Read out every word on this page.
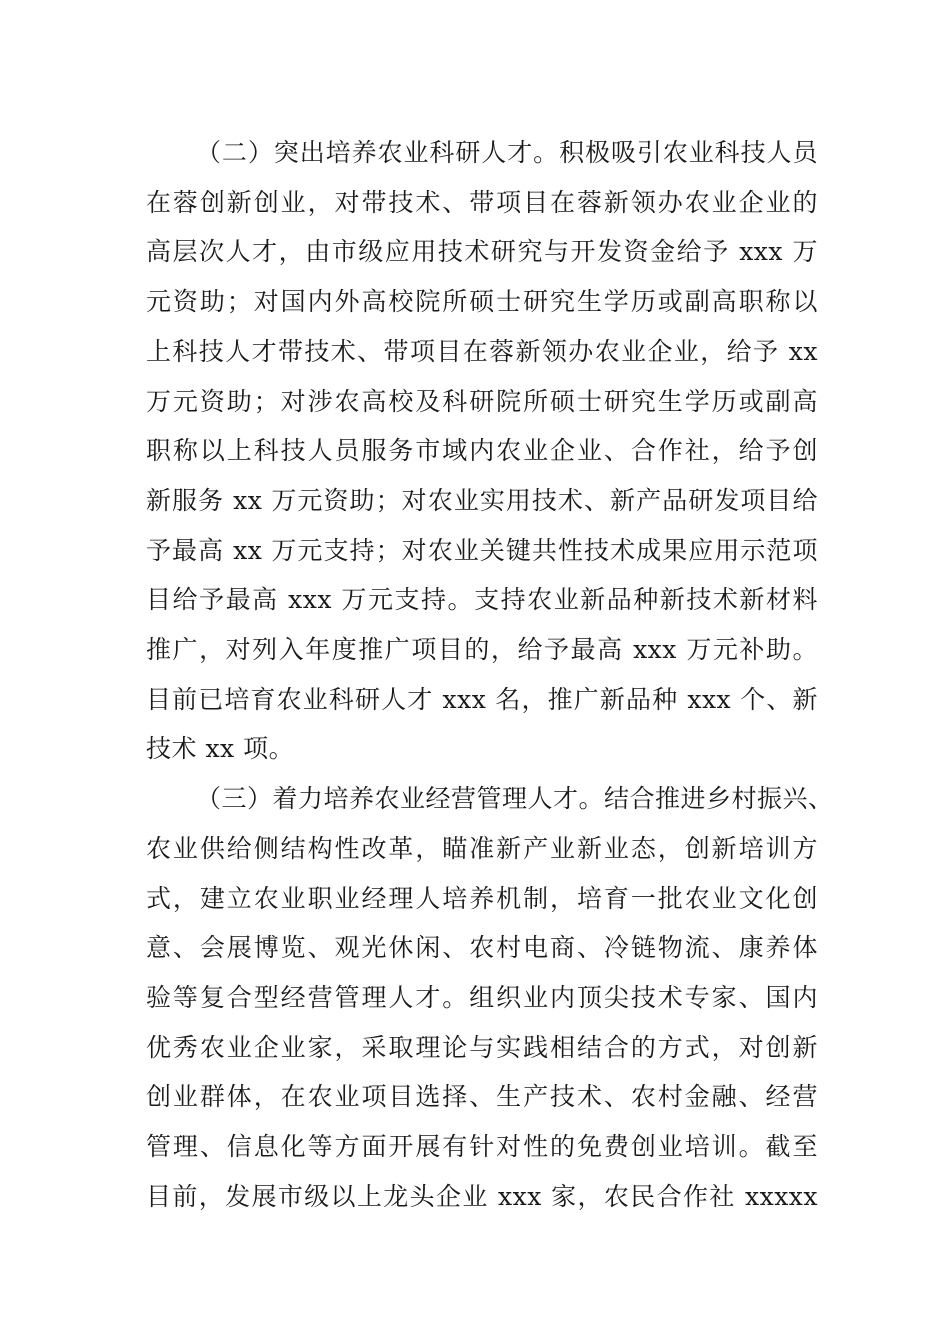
（二）突出培养农业科研人才。积极吸引农业科技人员
在蓉创新创业，对带技术、带项目在蓉新领办农业企业的
高层次人才，由市级应用技术研究与开发资金给予 xxx 万
元资助；对国内外高校院所硕士研究生学历或副高职称以
上科技人才带技术、带项目在蓉新领办农业企业，给予 xx
万元资助；对涉农高校及科研院所硕士研究生学历或副高
职称以上科技人员服务市域内农业企业、合作社，给予创
新服务 xx 万元资助；对农业实用技术、新产品研发项目给
予最高 xx 万元支持；对农业关键共性技术成果应用示范项
目给予最高 xxx 万元支持。支持农业新品种新技术新材料
推广，对列入年度推广项目的，给予最高 xxx 万元补助。
目前已培育农业科研人才 xxx 名，推广新品种 xxx 个、新
技术 xx 项。
（三）着力培养农业经营管理人才。结合推进乡村振兴、
农业供给侧结构性改革，瞄准新产业新业态，创新培训方
式，建立农业职业经理人培养机制，培育一批农业文化创
意、会展博览、观光休闲、农村电商、冷链物流、康养体
验等复合型经营管理人才。组织业内顶尖技术专家、国内
优秀农业企业家，采取理论与实践相结合的方式，对创新
创业群体，在农业项目选择、生产技术、农村金融、经营
管理、信息化等方面开展有针对性的免费创业培训。截至
目前，发展市级以上龙头企业 xxx 家，农民合作社 xxxxx
